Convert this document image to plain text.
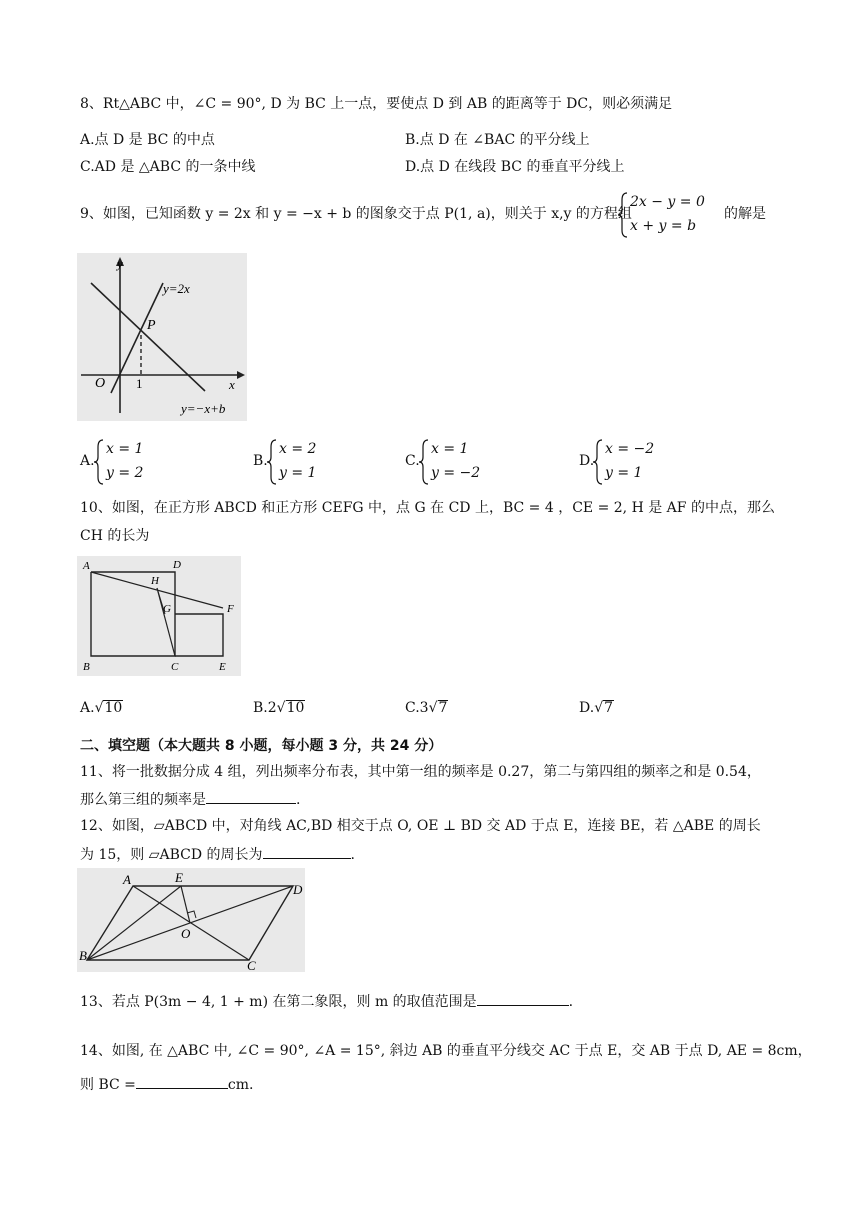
8、Rt△ABC 中，∠C = 90°, D 为 BC 上一点，要使点 D 到 AB 的距离等于 DC，则必须满足
A.点 D 是 BC 的中点	B.点 D 在 ∠BAC 的平分线上
C.AD 是 △ABC 的一条中线	D.点 D 在线段 BC 的垂直平分线上
9、如图，已知函数 y = 2x 和 y = −x + b 的图象交于点 P(1, a)，则关于 x,y 的方程组
2x − y = 0
x + y = b
的解是
y
x
O 1
P
y=2x
y=−x+b
A.
x = 1
y = 2
B.
x = 2
y = 1
C.
x = 1
y = −2
D.
x = −2
y = 1
10、如图，在正方形 ABCD 和正方形 CEFG 中，点 G 在 CD 上，BC = 4 ，CE = 2, H 是 AF 的中点，那么
CH 的长为
A	D
H
G	F
B	C	E
A.√10	B.2√10	C.3√7	D.√7
二、填空题（本大题共 8 小题，每小题 3 分，共 24 分）
11、将一批数据分成 4 组，列出频率分布表，其中第一组的频率是 0.27，第二与第四组的频率之和是 0.54，
那么第三组的频率是	.
12、如图，▱ABCD 中，对角线 AC,BD 相交于点 O, OE ⊥ BD 交 AD 于点 E，连接 BE，若 △ABE 的周长
为 15，则 ▱ABCD 的周长为	.
A	E
D
O
B
C
13、若点 P(3m − 4, 1 + m) 在第二象限，则 m 的取值范围是	.
14、如图, 在 △ABC 中, ∠C = 90°, ∠A = 15°, 斜边 AB 的垂直平分线交 AC 于点 E，交 AB 于点 D, AE = 8cm，
则 BC =	cm.
